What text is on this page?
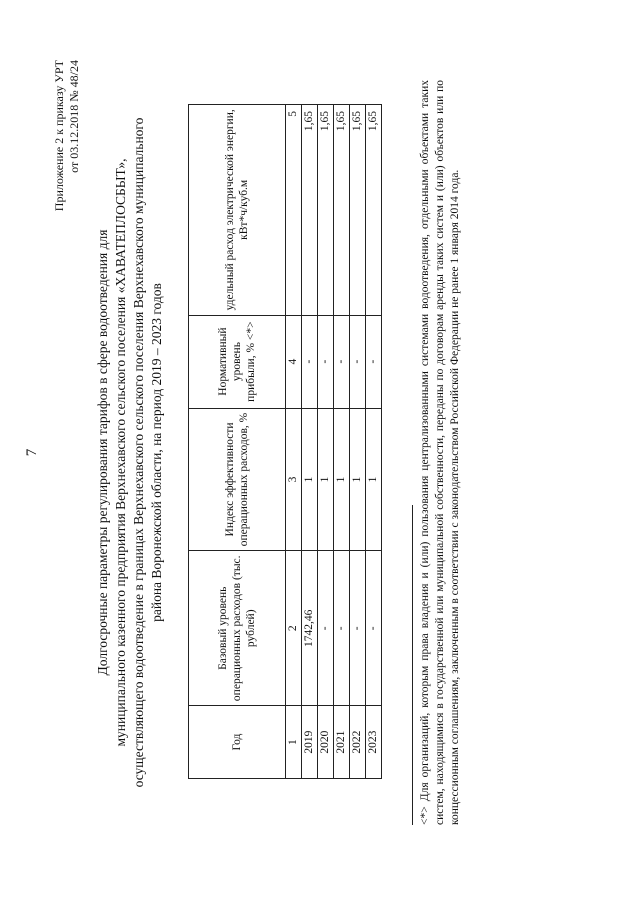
7
Приложение 2 к приказу УРТ от 03.12.2018 № 48/24
Долгосрочные параметры регулирования тарифов в сфере водоотведения для муниципального казенного предприятия Верхнехавского сельского поселения «ХАВАТЕПЛОСБЫТ», осуществляющего водоотведение в границах Верхнехавского сельского поселения Верхнехавского муниципального района Воронежской области, на период 2019 – 2023 годов
Год	Базовый уровень операционных расходов (тыс. рублей)	Индекс эффективности операционных расходов, %	Нормативный уровень прибыли, % <*>	удельный расход электрической энергии, кВт*ч/куб.м
1	2	3	4	5
2019	1742,46	1	-	1,65
2020	-	1	-	1,65
2021	-	1	-	1,65
2022	-	1	-	1,65
2023	-	1	-	1,65	<*> Для организаций, которым права владения и (или) пользования централизованными системами водоотведения, отдельными объектами таких систем, находящимися в государственной или муниципальной собственности, переданы по договорам аренды таких систем и (или) объектов или по концессионным соглашениям, заключенным в соответствии с законодательством Российской Федерации не ранее 1 января 2014 года.
